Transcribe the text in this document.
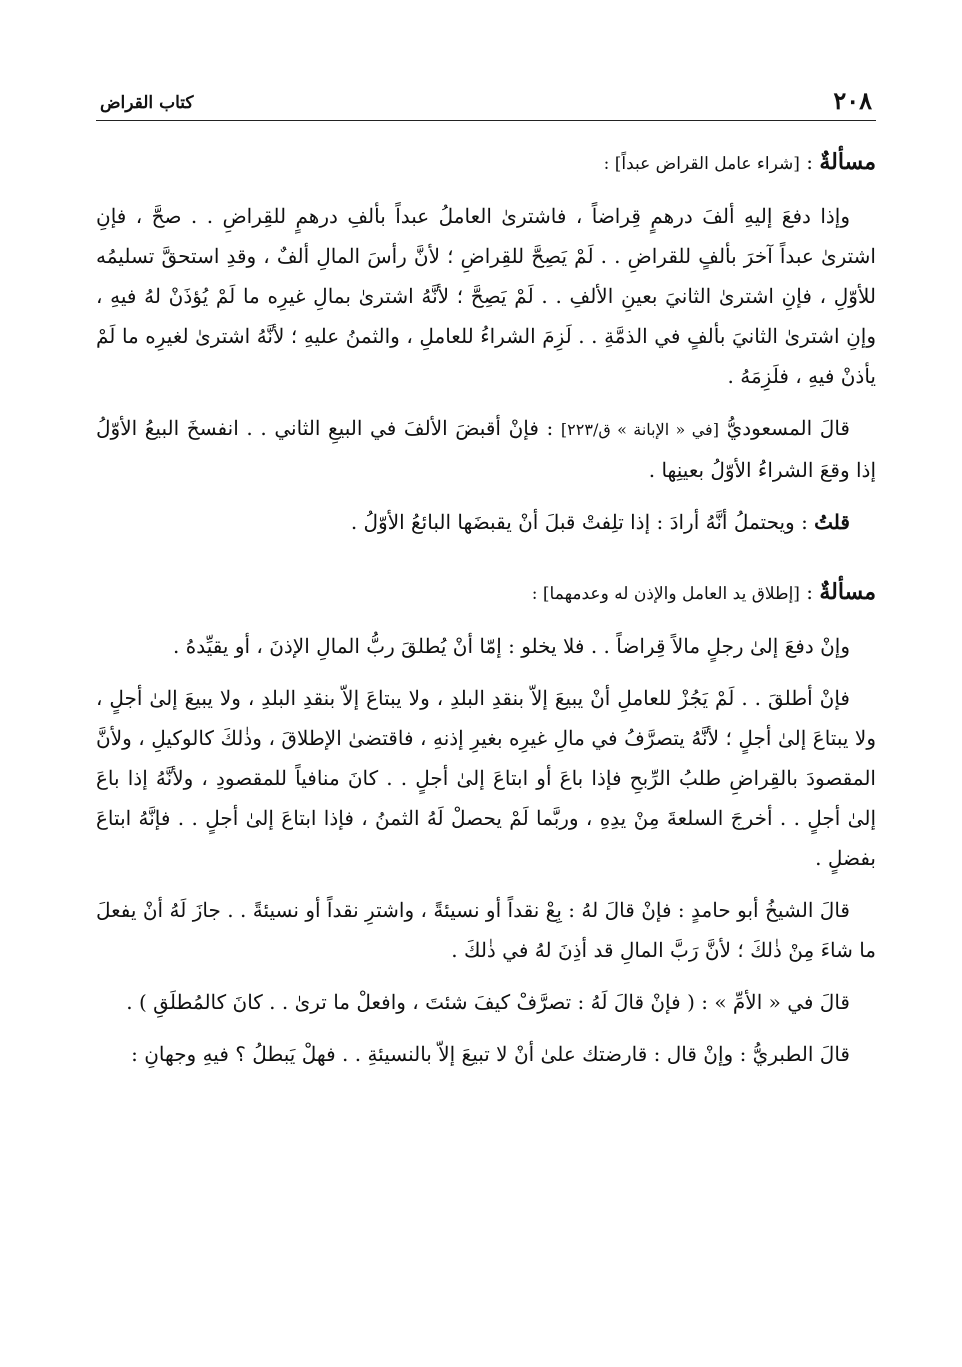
٢٠٨
كتاب القراض
مسألةٌ : [شراء عامل القراض عبداً] :

وإذا دفعَ إليهِ ألفَ درهمٍ قِراضاً ، فاشترىٰ العاملُ عبداً بألفِ درهمٍ للقِراضِ . . صحَّ ، فإنِ اشترىٰ عبداً آخرَ بألفٍ للقراضِ . . لَمْ يَصِحَّ للقِراضِ ؛ لأنَّ رأسَ المالِ ألفٌ ، وقدِ استحقَّ تسليمُه للأوّلِ ، فإنِ اشترىٰ الثانيَ بعينِ الألفِ . . لَمْ يَصِحَّ ؛ لأنَّهُ اشترىٰ بمالِ غيرِه ما لَمْ يُؤذَنْ لهُ فيهِ ، وإنِ اشترىٰ الثانيَ بألفٍ في الذمَّةِ . . لَزِمَ الشراءُ للعاملِ ، والثمنُ عليهِ ؛ لأنَّهُ اشترىٰ لغيرِه ما لَمْ يأذنْ فيهِ ، فلَزِمَهُ .

قالَ المسعوديُّ [في « الإبانة » ق/٢٢٣] : فإنْ أقبضَ الألفَ في البيعِ الثاني . . انفسخَ البيعُ الأوّلُ إذا وقعَ الشراءُ الأوّلُ بعينِها .

قلتُ : ويحتملُ أنَّهُ أرادَ : إذا تلِفتْ قبلَ أنْ يقبضَها البائعُ الأوّلُ .

مسألةٌ : [إطلاق يد العامل والإذن له وعدمهما] :

وإنْ دفعَ إلىٰ رجلٍ مالاً قِراضاً . . فلا يخلو : إمّا أنْ يُطلقَ ربُّ المالِ الإذنَ ، أو يقيِّدهُ .

فإنْ أطلقَ . . لَمْ يَجُزْ للعاملِ أنْ يبيعَ إلاّ بنقدِ البلدِ ، ولا يبتاعَ إلاّ بنقدِ البلدِ ، ولا يبيعَ إلىٰ أجلٍ ، ولا يبتاعَ إلىٰ أجلٍ ؛ لأنَّهُ يتصرَّفُ في مالِ غيرِه بغيرِ إذنهِ ، فاقتضىٰ الإطلاقَ ، وذٰلكَ كالوكيلِ ، ولأنَّ المقصودَ بالقِراضِ طلبُ الرِّبحِ فإذا باعَ أو ابتاعَ إلىٰ أجلٍ . . كانَ منافياً للمقصودِ ، ولأنَّهُ إذا باعَ إلىٰ أجلٍ . . أخرجَ السلعةَ مِنْ يدِهِ ، وربَّما لَمْ يحصلْ لَهُ الثمنُ ، فإذا ابتاعَ إلىٰ أجلٍ . . فإنَّهُ ابتاعَ بفضلٍ .

قالَ الشيخُ أبو حامدٍ : فإنْ قالَ لهُ : بِعْ نقداً أو نسيئةً ، واشترِ نقداً أو نسيئةً . . جازَ لَهُ أنْ يفعلَ ما شاءَ مِنْ ذٰلكَ ؛ لأنَّ رَبَّ المالِ قد أذِنَ لهُ في ذٰلكَ .

قالَ في « الأمِّ » : ( فإنْ قالَ لَهُ : تصرَّفْ كيفَ شئتَ ، وافعلْ ما ترىٰ . . كانَ كالمُطلَقِ ) .

قالَ الطبريُّ : وإنْ قال : قارضتك علىٰ أنْ لا تبيعَ إلاّ بالنسيئةِ . . فهلْ يَبطلُ ؟ فيهِ وجهانِ :
